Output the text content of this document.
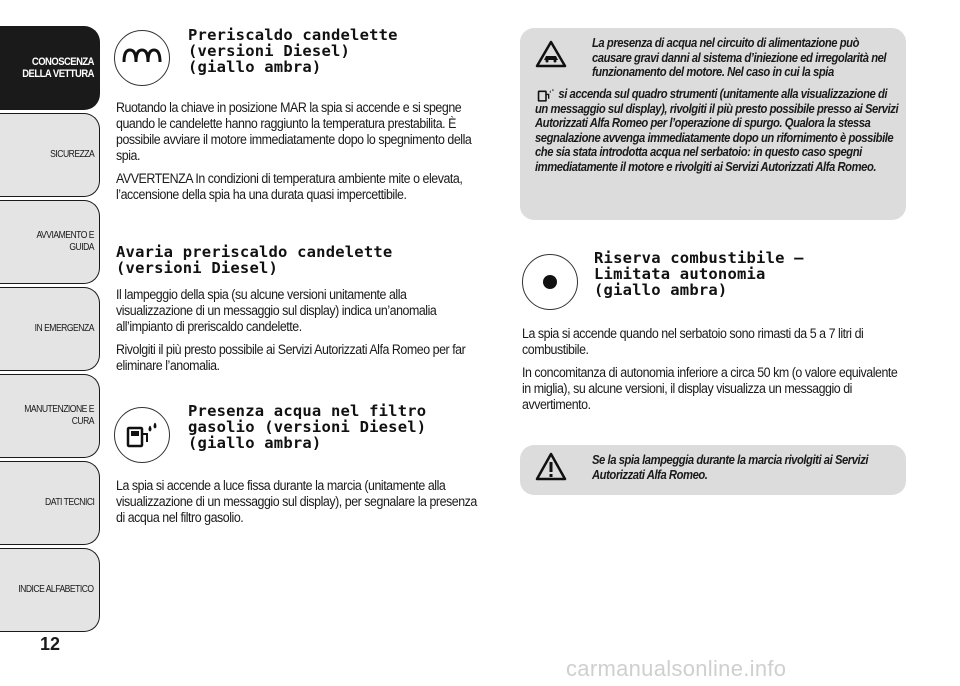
CONOSCENZA DELLA VETTURA
SICUREZZA
AVVIAMENTO E GUIDA
IN EMERGENZA
MANUTENZIONE E CURA
DATI TECNICI
INDICE ALFABETICO
12
Preriscaldo candelette
(versioni Diesel)
(giallo ambra)

Ruotando la chiave in posizione MAR la spia si accende e si spegne quando le candelette hanno raggiunto la temperatura prestabilita. È possibile avviare il motore immediatamente dopo lo spegnimento della spia.

AVVERTENZA In condizioni di temperatura ambiente mite o elevata, l’accensione della spia ha una durata quasi impercettibile.

Avaria preriscaldo candelette
(versioni Diesel)

Il lampeggio della spia (su alcune versioni unitamente alla visualizzazione di un messaggio sul display) indica un’anomalia all’impianto di preriscaldo candelette.

Rivolgiti il più presto possibile ai Servizi Autorizzati Alfa Romeo per far eliminare l’anomalia.

Presenza acqua nel filtro
gasolio (versioni Diesel)
(giallo ambra)

La spia si accende a luce fissa durante la marcia (unitamente alla visualizzazione di un messaggio sul display), per segnalare la presenza di acqua nel filtro gasolio.

La presenza di acqua nel circuito di alimentazione può causare gravi danni al sistema d’iniezione ed irregolarità nel funzionamento del motore. Nel caso in cui la spia
si accenda sul quadro strumenti (unitamente alla visualizzazione di un messaggio sul display), rivolgiti il più presto possibile presso ai Servizi Autorizzati Alfa Romeo per l’operazione di spurgo. Qualora la stessa segnalazione avvenga immediatamente dopo un rifornimento è possibile che sia stata introdotta acqua nel serbatoio: in questo caso spegni immediatamente il motore e rivolgiti ai Servizi Autorizzati Alfa Romeo.
Riserva combustibile –
Limitata autonomia
(giallo ambra)

La spia si accende quando nel serbatoio sono rimasti da 5 a 7 litri di combustibile.

In concomitanza di autonomia inferiore a circa 50 km (o valore equivalente in miglia), su alcune versioni, il display visualizza un messaggio di avvertimento.

Se la spia lampeggia durante la marcia rivolgiti ai Servizi Autorizzati Alfa Romeo.
carmanualsonline.info
